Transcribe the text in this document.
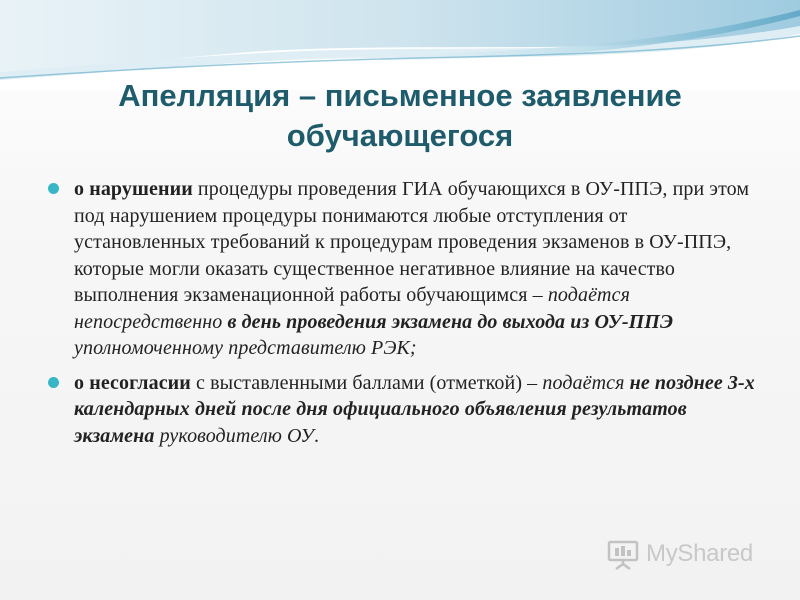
Апелляция – письменное заявление
обучающегося

о нарушении процедуры проведения ГИА обучающихся в ОУ-ППЭ, при этом под нарушением процедуры понимаются любые отступления от установленных требований к процедурам проведения экзаменов в ОУ-ППЭ, которые могли оказать существенное негативное влияние на качество выполнения экзаменационной работы обучающимся – подаётся непосредственно в день проведения экзамена до выхода из ОУ-ППЭ уполномоченному представителю РЭК;

о несогласии с выставленными баллами (отметкой) – подаётся не позднее 3-х календарных дней после дня официального объявления результатов экзамена руководителю ОУ.

MyShared
